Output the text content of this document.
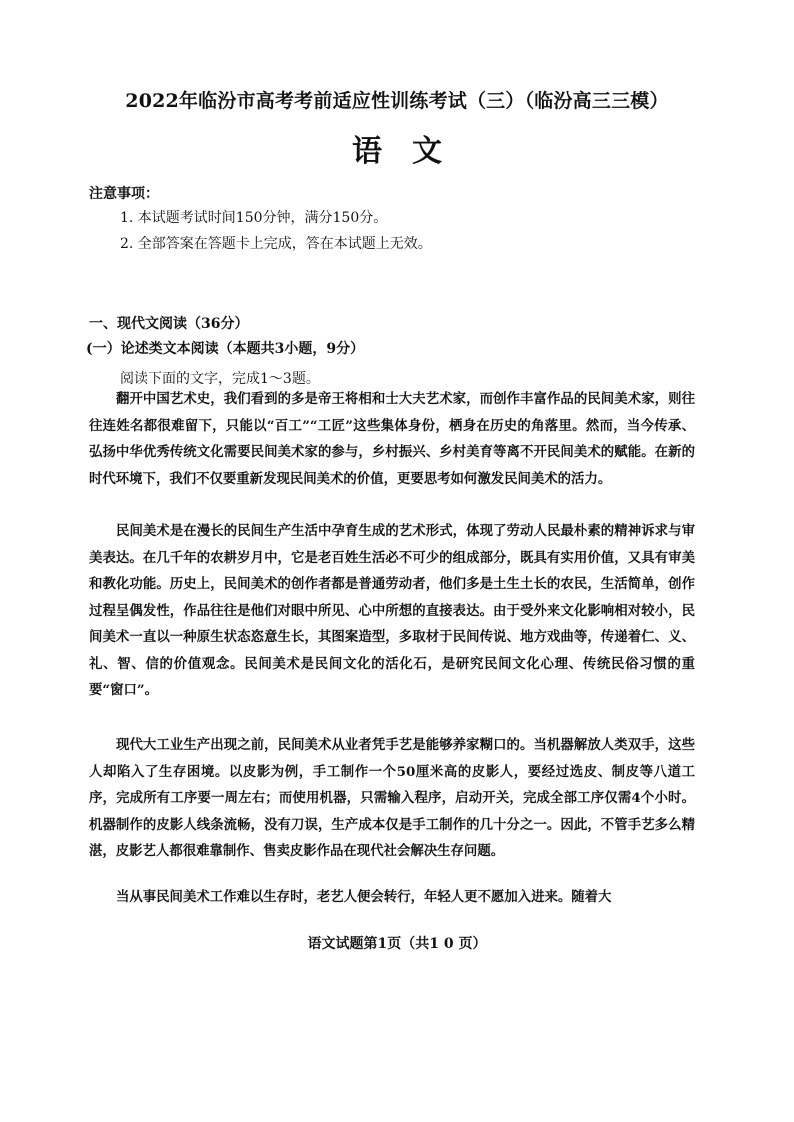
2022年临汾市高考考前适应性训练考试（三）（临汾高三三模）
语文
注意事项：
1. 本试题考试时间150分钟，满分150分。
2. 全部答案在答题卡上完成，答在本试题上无效。
一、现代文阅读（36分）
(一）论述类文本阅读（本题共3小题，9分）
阅读下面的文字，完成1～3题。

翻开中国艺术史，我们看到的多是帝王将相和士大夫艺术家，而创作丰富作品的民间美术家，则往往连姓名都很难留下，只能以“百工”“工匠”这些集体身份，栖身在历史的角落里。然而，当今传承、弘扬中华优秀传统文化需要民间美术家的参与，乡村振兴、乡村美育等离不开民间美术的赋能。在新的时代环境下，我们不仅要重新发现民间美术的价值，更要思考如何激发民间美术的活力。

民间美术是在漫长的民间生产生活中孕育生成的艺术形式，体现了劳动人民最朴素的精神诉求与审美表达。在几千年的农耕岁月中，它是老百姓生活必不可少的组成部分，既具有实用价值，又具有审美和教化功能。历史上，民间美术的创作者都是普通劳动者，他们多是土生土长的农民，生活简单，创作过程呈偶发性，作品往往是他们对眼中所见、心中所想的直接表达。由于受外来文化影响相对较小，民间美术一直以一种原生状态恣意生长，其图案造型，多取材于民间传说、地方戏曲等，传递着仁、义、礼、智、信的价值观念。民间美术是民间文化的活化石，是研究民间文化心理、传统民俗习惯的重要“窗口”。

现代大工业生产出现之前，民间美术从业者凭手艺是能够养家糊口的。当机器解放人类双手，这些人却陷入了生存困境。以皮影为例，手工制作一个50厘米高的皮影人，要经过选皮、制皮等八道工序，完成所有工序要一周左右；而使用机器，只需输入程序，启动开关，完成全部工序仅需4个小时。机器制作的皮影人线条流畅，没有刀误，生产成本仅是手工制作的几十分之一。因此，不管手艺多么精湛，皮影艺人都很难靠制作、售卖皮影作品在现代社会解决生存问题。

当从事民间美术工作难以生存时，老艺人便会转行，年轻人更不愿加入进来。随着大

语文试题第1页（共1 0 页）
